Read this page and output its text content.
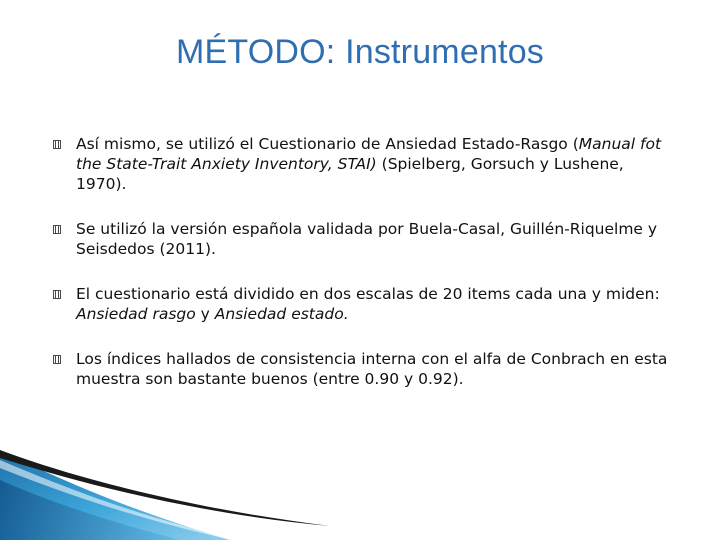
MÉTODO: Instrumentos
Así mismo, se utilizó el Cuestionario de Ansiedad Estado-Rasgo (Manual fot the State-Trait Anxiety Inventory, STAI) (Spielberg, Gorsuch y Lushene, 1970).
Se utilizó la versión española validada por Buela-Casal, Guillén-Riquelme y Seisdedos (2011).
El cuestionario está dividido en dos escalas de 20 items cada una y miden: Ansiedad rasgo y Ansiedad estado.
Los índices hallados de consistencia interna con el alfa de Conbrach en esta muestra son bastante buenos (entre 0.90 y 0.92).
